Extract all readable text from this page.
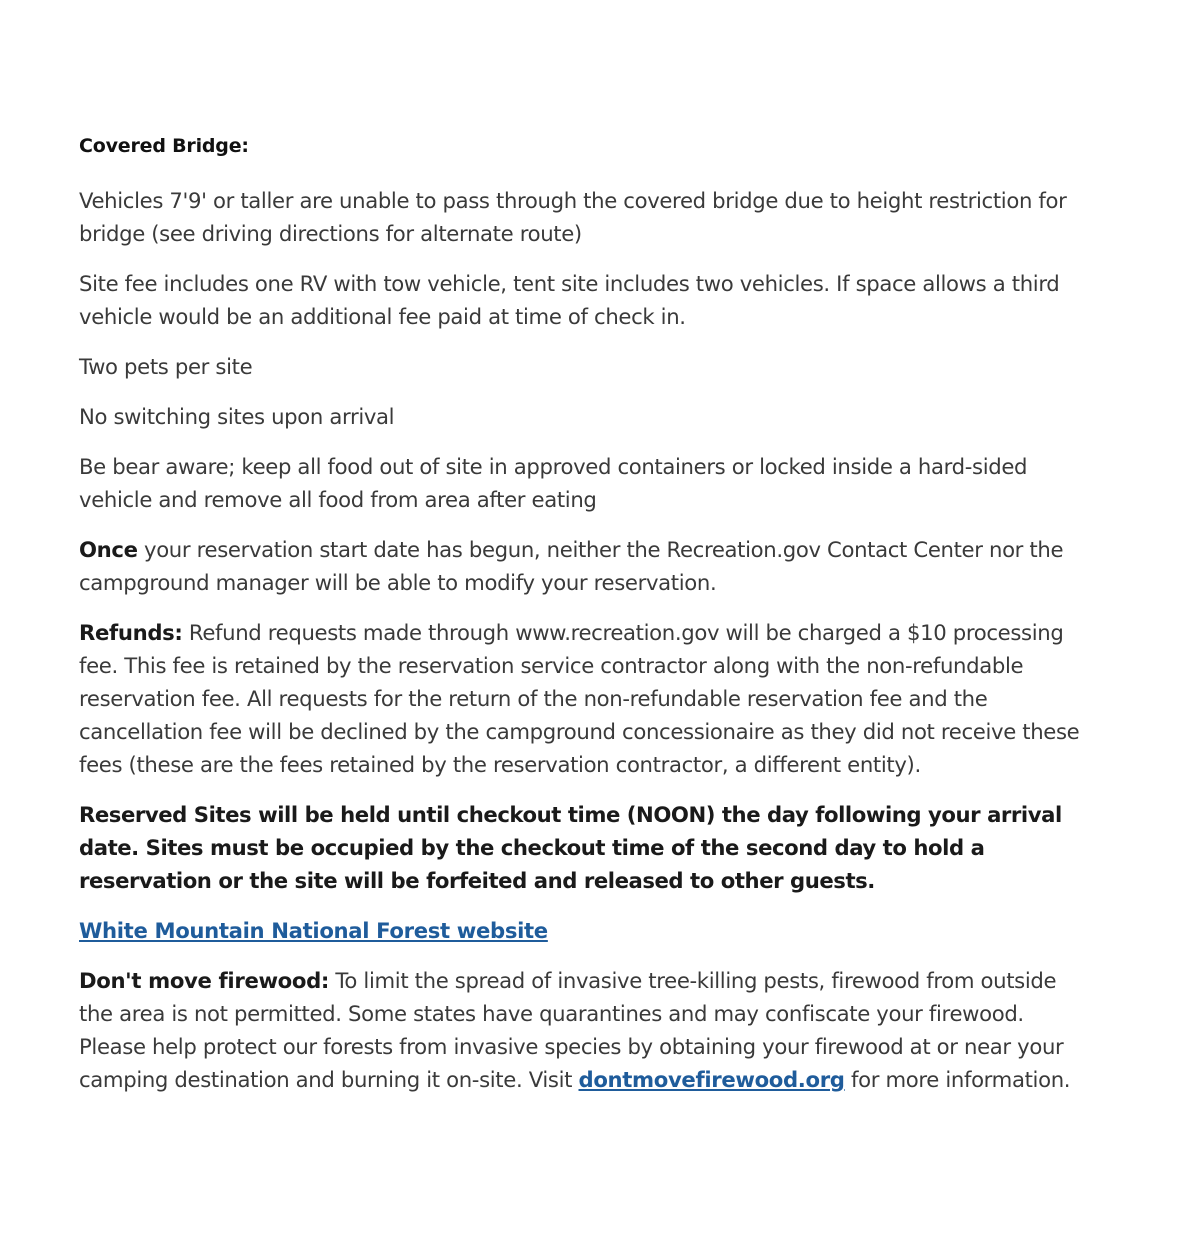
Covered Bridge:

Vehicles 7'9' or taller are unable to pass through the covered bridge due to height restriction for bridge (see driving directions for alternate route)

Site fee includes one RV with tow vehicle, tent site includes two vehicles. If space allows a third vehicle would be an additional fee paid at time of check in.

Two pets per site

No switching sites upon arrival

Be bear aware; keep all food out of site in approved containers or locked inside a hard-sided vehicle and remove all food from area after eating

Once your reservation start date has begun, neither the Recreation.gov Contact Center nor the campground manager will be able to modify your reservation.

Refunds: Refund requests made through www.recreation.gov will be charged a $10 processing fee. This fee is retained by the reservation service contractor along with the non-refundable reservation fee. All requests for the return of the non-refundable reservation fee and the cancellation fee will be declined by the campground concessionaire as they did not receive these fees (these are the fees retained by the reservation contractor, a different entity).

Reserved Sites will be held until checkout time (NOON) the day following your arrival date. Sites must be occupied by the checkout time of the second day to hold a reservation or the site will be forfeited and released to other guests.

White Mountain National Forest website

Don't move firewood: To limit the spread of invasive tree-killing pests, firewood from outside the area is not permitted. Some states have quarantines and may confiscate your firewood. Please help protect our forests from invasive species by obtaining your firewood at or near your camping destination and burning it on-site. Visit dontmovefirewood.org for more information.
